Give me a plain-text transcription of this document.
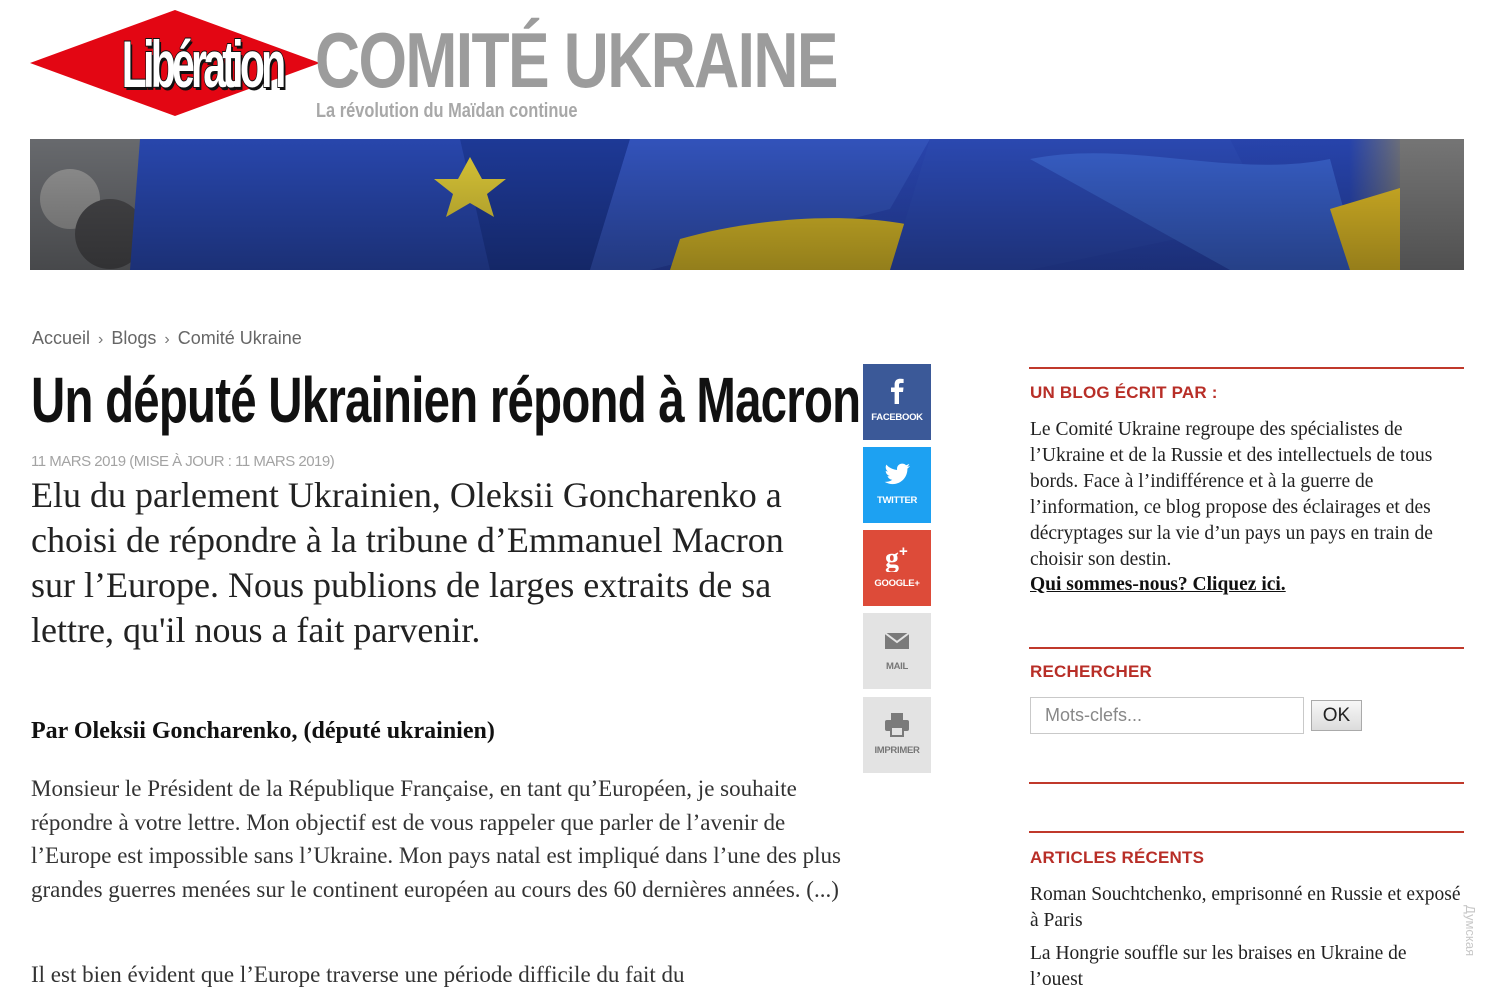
Libération COMITÉ UKRAINE
La révolution du Maïdan continue
Accueil › Blogs › Comité Ukraine
Un député Ukrainien répond à Macron
11 MARS 2019 (MISE À JOUR : 11 MARS 2019)

Elu du parlement Ukrainien, Oleksii Goncharenko a choisi de répondre à la tribune d’Emmanuel Macron sur l’Europe. Nous publions de larges extraits de sa lettre, qu'il nous a fait parvenir.

Par Oleksii Goncharenko, (député ukrainien)

Monsieur le Président de la République Française, en tant qu’Européen, je souhaite répondre à votre lettre. Mon objectif est de vous rappeler que parler de l’avenir de l’Europe est impossible sans l’Ukraine. Mon pays natal est impliqué dans l’une des plus grandes guerres menées sur le continent européen au cours des 60 dernières années. (...)

Il est bien évident que l’Europe traverse une période difficile du fait du

FACEBOOK
TWITTER
g +
GOOGLE+
MAIL
IMPRIMER
UN BLOG ÉCRIT PAR :

Le Comité Ukraine regroupe des spécialistes de l’Ukraine et de la Russie et des intellectuels de tous bords. Face à l’indifférence et à la guerre de l’information, ce blog propose des éclairages et des décryptages sur la vie d’un pays un pays en train de choisir son destin.

Qui sommes-nous? Cliquez ici.
RECHERCHER
Mots-clefs...
OK
ARTICLES RÉCENTS

Roman Souchtchenko, emprisonné en Russie et exposé à Paris

La Hongrie souffle sur les braises en Ukraine de l’ouest

Думская
